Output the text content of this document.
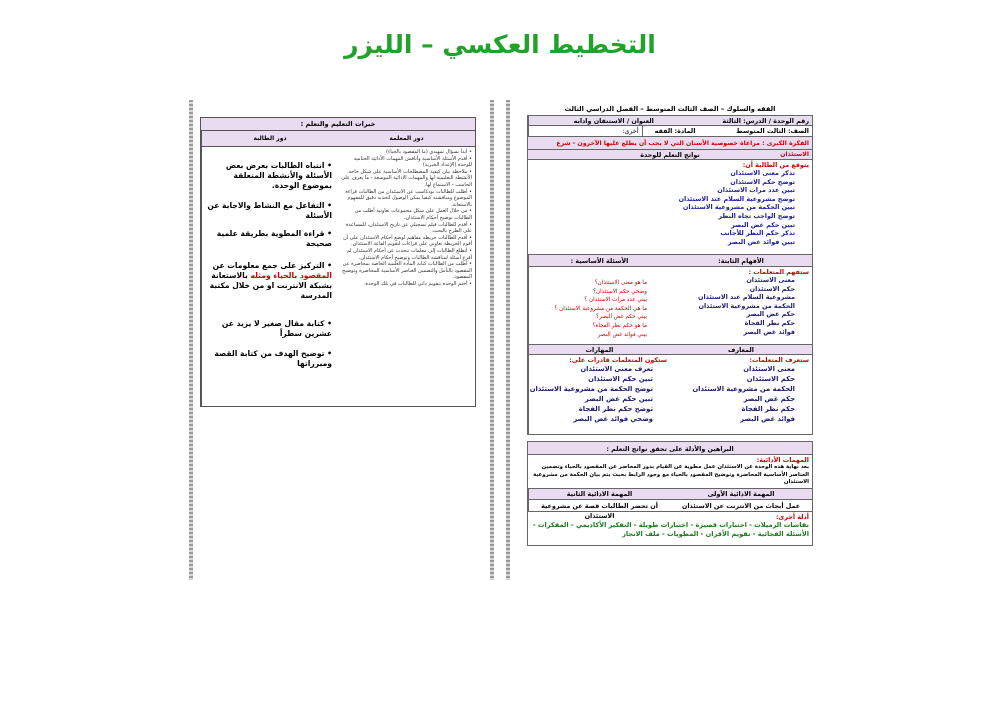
التخطيط العكسي – الليزر
الفقه والسلوك – الصف الثالث المتوسط – الفصل الدراسي الثالث
رقم الوحدة / الدرس: الثالثة
العنوان / الاستنقان وادابه
الصف: الثالث المتوسط
المادة: الفقه
أخرى:
الفكرة الكبرى : مراعاة خصوصية الأسنان التي لا يجب أن يطلع عليها الآخرون - شرع الاستئذان
نواتج التعلم للوحدة
يتوقع من الطالبة أن:
تذكر معنى الاستئذان
توضح حكم الاستئذان
تبين عدد مرات الاستئذان
توضح مشروعية السلام عند الاستئذان
تبين الحكمة من مشروعية الاستئذان
توضح الواجب تجاه النظر
تبين حكم غض البصر
تذكر حكم النظر للأجانب
تبين فوائد غض البصر
الأفهام الثابتة:
الأسئلة الأساسية :
ستفهم المتعلمات :
معنى الاستئذان
حكم الاستئذان
مشروعية السلام عند الاستئذان
الحكمة من مشروعية الاستئذان
حكم غض البصر
حكم نظر الفجاة
فوائد غض البصر
ما هو معنى الاستئذان؟
وضحي حكم الاستئذان؟
بيني عدد مرات الاستئذان ؟
ما هي الحكمة من مشروعية الاستئذان ؟
بيني حكم غض البصر؟
ما هو حكم نظر الفجاة؟
بيني فوائد غض البصر
المعارف
المهارات
ستعرف المتعلمات:
معنى الاستئذان
حكم الاستئذان
الحكمة من مشروعية الاستئذان
حكم غض البصر
حكم نظر الفجاة
فوائد غض البصر
ستكون المتعلمات قادرات على:
تعرف معنى الاستئذان
تبين حكم الاستئذان
توضح الحكمة من مشروعية الاستئذان
تبين حكم غض البصر
توضح حكم نظر الفجاة
وضحي فوائد غض البصر
البراهين والأدلة على تحقق نواتج التعلم :
المهمات الأدائية:
بعد نهاية هذه الوحدة عن الاستئذان عمل مطوية عن القيام بدور المحاضر عن المقصود بالحياء وتضمين العناصر الأساسية المحاضرة وتوضيح المقصود بالحياء مع وجود الرابط بحيث يتم بيان الحكمة من مشروعية الاستئذان
المهمة الادائية الأولى
المهمة الادائية الثانية
عمل أبحاث من الانترنت عن الاستئذان
أن تحضر الطالبات قصة عن مشروعية الاستئذان	أدلة أخرى:
نقاشات الزميلات - اختبارات قصيرة - اختبارات طويلة - التفكير الأكاديمي - المفكرات -
الأسئلة الفجائية - تقويم الأقران - المطويات - ملف الانجاز
خبرات التعليم والتعلم :
دور المعلمة
دور الطالبة
• أبدأ بسؤال تمهيدي (ما المقصود بالحياء)
• أقدم الأسئلة الأساسية وأناقش المهمات الأدائية الختامية للوحدة (الإعداد الخبرية)
• ملاحظة بيان كيفية المصطلحات الأساسية على شكل حاجة. الأنشطة التعليمية لها والمهمات الادائية الموسعة - ما يعرف على الحاسب - الاستماع لها.
• أطلب للطالبات بودكاست عن الاستئذان من الطالبات قراءة الموضوع ومناقشته كيفيا يمكن الوصول لتحديد دقيق للمفهوم بالاستعانة.
• من خلال العمل على شكل مجموعات تعاونية أطلب من الطالبات توضيح أحكام الاستئذان.
• أقدم للطالبات فيلم تسجيلي عن تاريخ الاستئذان، للمساعدة على الطرح بالبحث.
• أقدم للطالبات خريطة مفاهيم لوضع أحكام الاستئذان على أن أقوم الخريطة تعاوني على قراءات لتقويم القاعة الاستئذان.
• أتطلع الطالبات إلى معلمات تتحدث عن أحكام الاستئذان لم أفرع أسئلة لمناقشة الطالبات وتوضيح أحكام الاستئذان.
• أطلب من الطالبات كتابة المادة العلمية الخاصة بمحاضرة عن المقصود بالتأمل والتضمين العناصر الأساسية للمحاضرة وتوضيح المقصود.
• أختم الوحدة بتقويم ذاتي للطالبات في تلك الوحدة.
• انتباه الطالبات بعرض بعض الأسئلة والأنشطة المتعلقة بموضوع الوحدة.
• التفاعل مع النشاط والاجابة عن الأسئلة
• قراءة المطوية بطريقة علمية صحيحة
• التركيز على جمع معلومات عن المقصود بالحياء ومثله بالاستعانة بشبكة الانترنت او من خلال مكتبة المدرسة
• كتابة مقال صغير لا يزيد عن عشرين سطراً
• توضيح الهدف من كتابة القصة ومبرراتها
